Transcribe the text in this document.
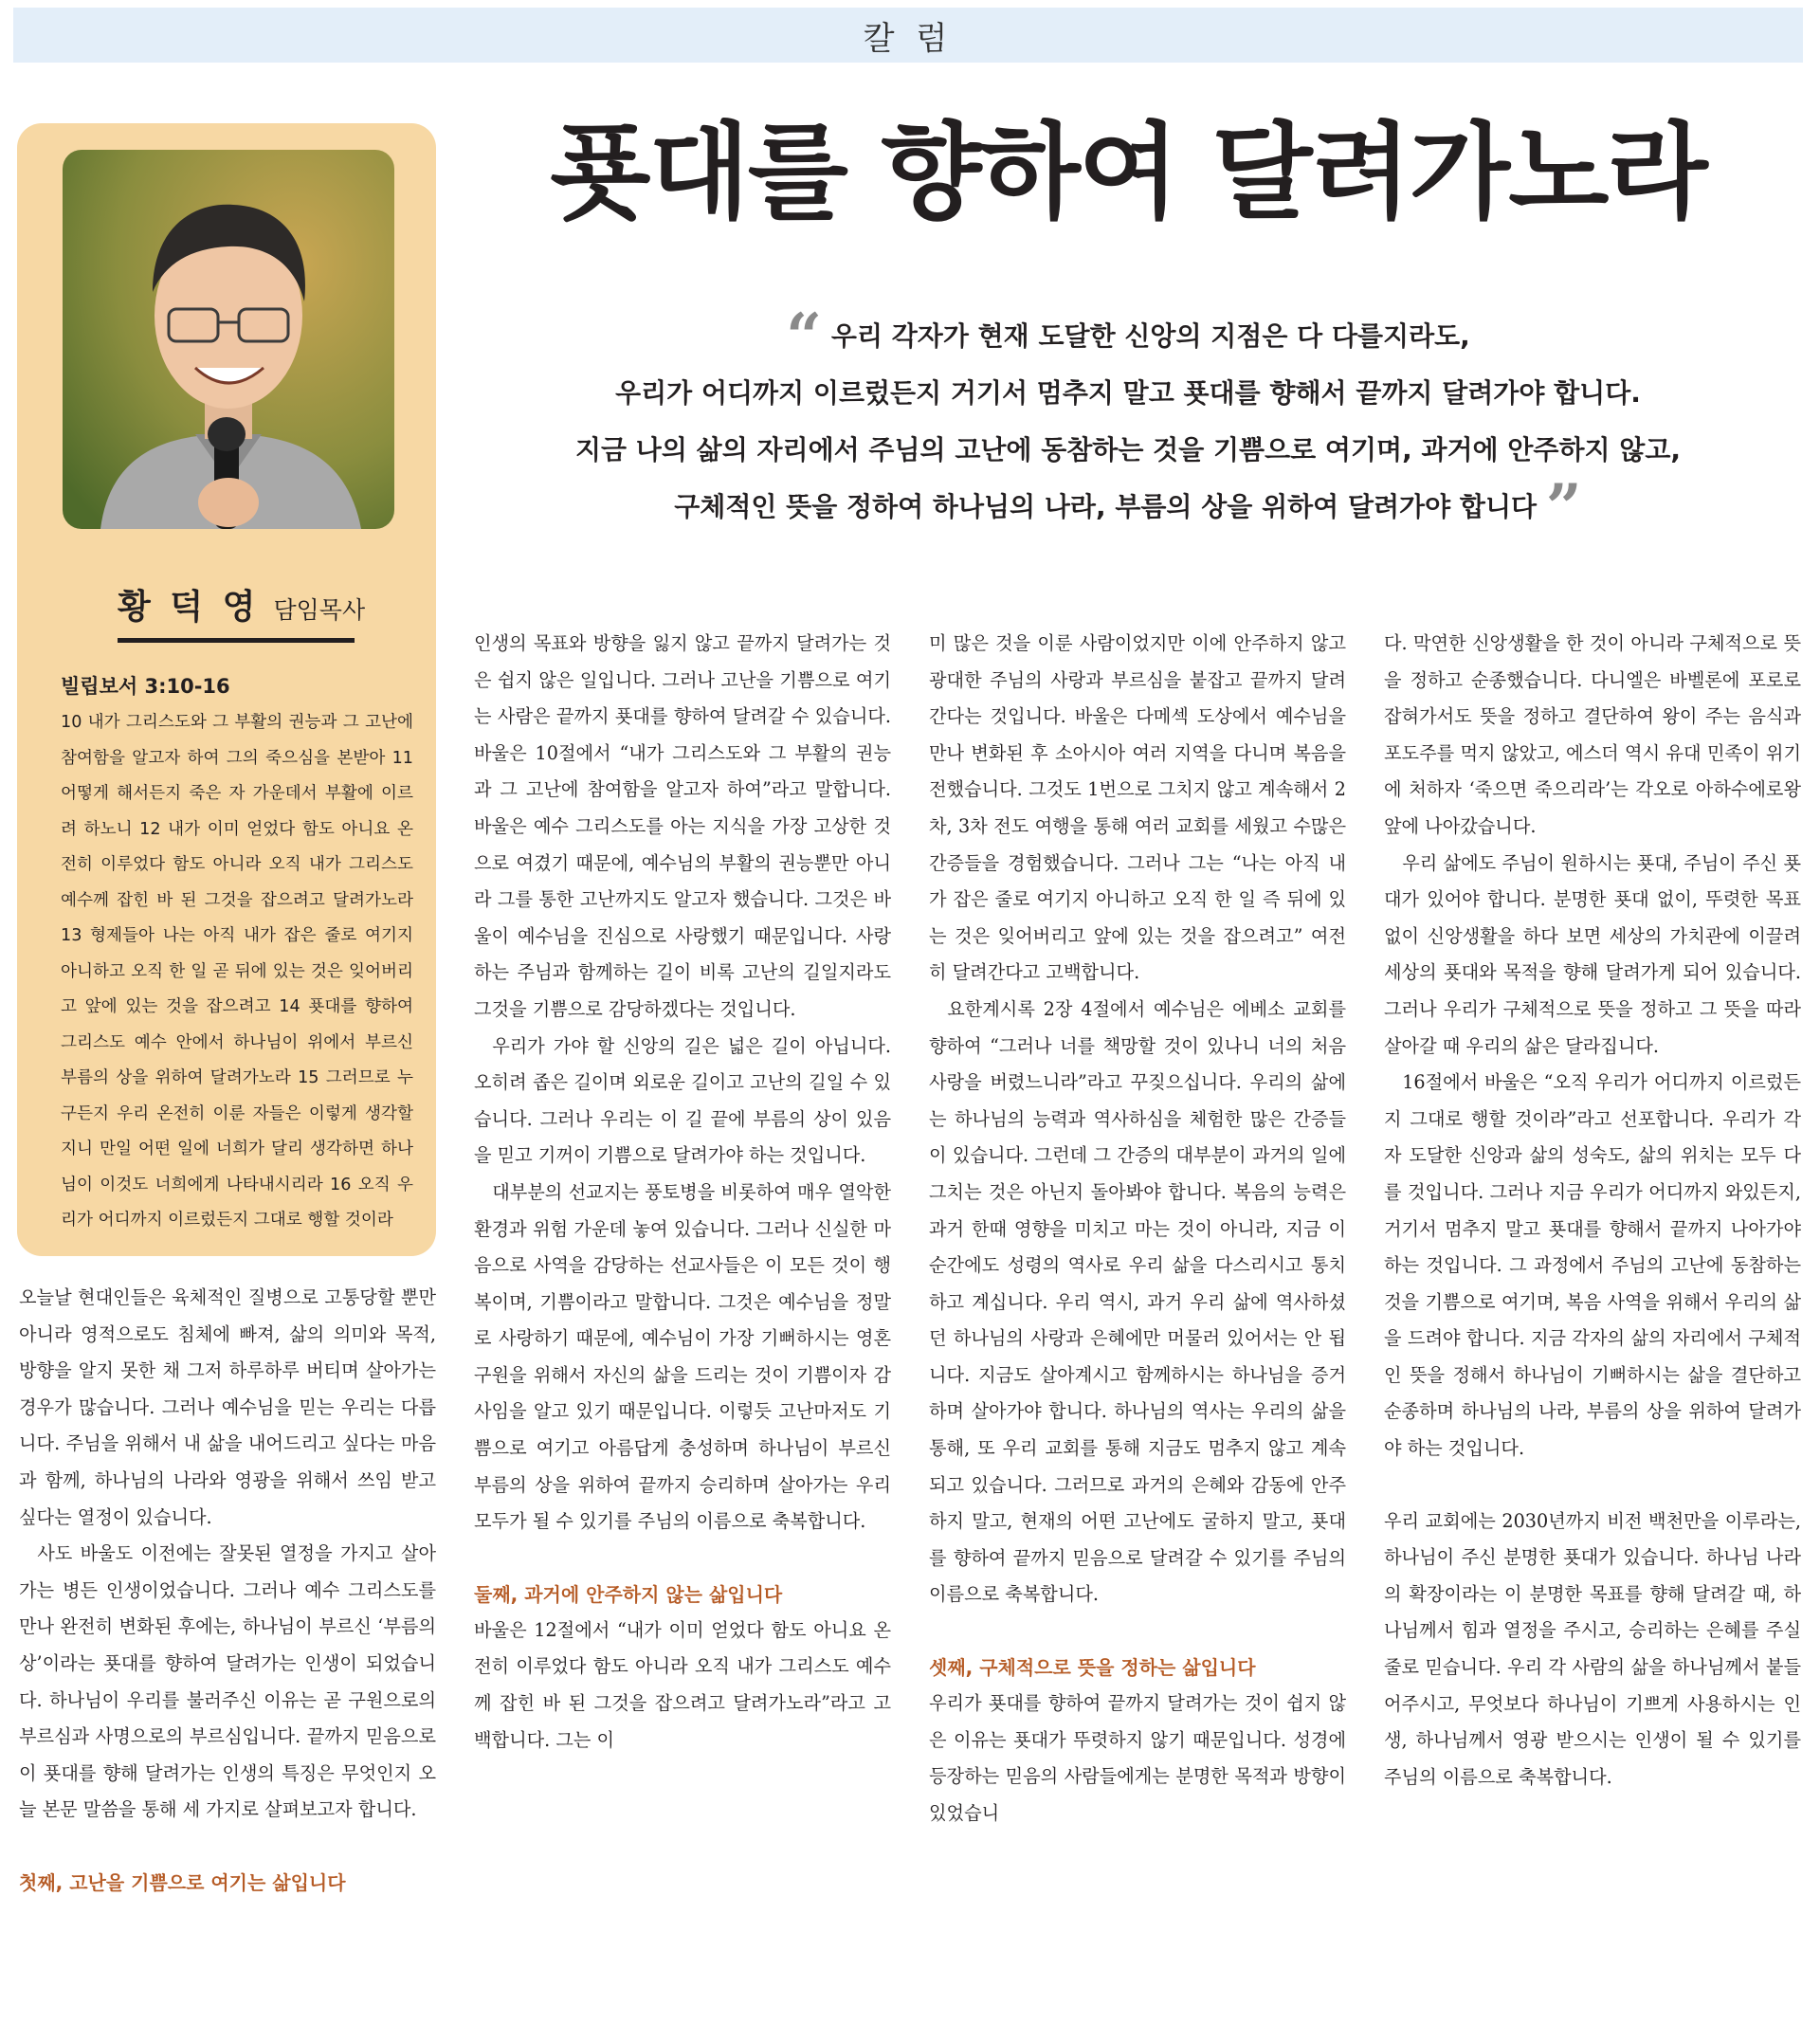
칼 럼
푯대를 향하여 달려가노라
“ 우리 각자가 현재 도달한 신앙의 지점은 다 다를지라도,
우리가 어디까지 이르렀든지 거기서 멈추지 말고 푯대를 향해서 끝까지 달려가야 합니다.
지금 나의 삶의 자리에서 주님의 고난에 동참하는 것을 기쁨으로 여기며, 과거에 안주하지 않고,
구체적인 뜻을 정하여 하나님의 나라, 부름의 상을 위하여 달려가야 합니다 ”
황 덕 영 담임목사
빌립보서 3:10-16
10 내가 그리스도와 그 부활의 권능과 그 고난에 참여함을 알고자 하여 그의 죽으심을 본받아 11 어떻게 해서든지 죽은 자 가운데서 부활에 이르려 하노니 12 내가 이미 얻었다 함도 아니요 온전히 이루었다 함도 아니라 오직 내가 그리스도 예수께 잡힌 바 된 그것을 잡으려고 달려가노라 13 형제들아 나는 아직 내가 잡은 줄로 여기지 아니하고 오직 한 일 곧 뒤에 있는 것은 잊어버리고 앞에 있는 것을 잡으려고 14 푯대를 향하여 그리스도 예수 안에서 하나님이 위에서 부르신 부름의 상을 위하여 달려가노라 15 그러므로 누구든지 우리 온전히 이룬 자들은 이렇게 생각할지니 만일 어떤 일에 너희가 달리 생각하면 하나님이 이것도 너희에게 나타내시리라 16 오직 우리가 어디까지 이르렀든지 그대로 행할 것이라

오늘날 현대인들은 육체적인 질병으로 고통당할 뿐만 아니라 영적으로도 침체에 빠져, 삶의 의미와 목적, 방향을 알지 못한 채 그저 하루하루 버티며 살아가는 경우가 많습니다. 그러나 예수님을 믿는 우리는 다릅니다. 주님을 위해서 내 삶을 내어드리고 싶다는 마음과 함께, 하나님의 나라와 영광을 위해서 쓰임 받고 싶다는 열정이 있습니다.

사도 바울도 이전에는 잘못된 열정을 가지고 살아가는 병든 인생이었습니다. 그러나 예수 그리스도를 만나 완전히 변화된 후에는, 하나님이 부르신 ‘부름의 상’이라는 푯대를 향하여 달려가는 인생이 되었습니다. 하나님이 우리를 불러주신 이유는 곧 구원으로의 부르심과 사명으로의 부르심입니다. 끝까지 믿음으로 이 푯대를 향해 달려가는 인생의 특징은 무엇인지 오늘 본문 말씀을 통해 세 가지로 살펴보고자 합니다.

첫째, 고난을 기쁨으로 여기는 삶입니다

인생의 목표와 방향을 잃지 않고 끝까지 달려가는 것은 쉽지 않은 일입니다. 그러나 고난을 기쁨으로 여기는 사람은 끝까지 푯대를 향하여 달려갈 수 있습니다. 바울은 10절에서 “내가 그리스도와 그 부활의 권능과 그 고난에 참여함을 알고자 하여”라고 말합니다. 바울은 예수 그리스도를 아는 지식을 가장 고상한 것으로 여겼기 때문에, 예수님의 부활의 권능뿐만 아니라 그를 통한 고난까지도 알고자 했습니다. 그것은 바울이 예수님을 진심으로 사랑했기 때문입니다. 사랑하는 주님과 함께하는 길이 비록 고난의 길일지라도 그것을 기쁨으로 감당하겠다는 것입니다.

우리가 가야 할 신앙의 길은 넓은 길이 아닙니다. 오히려 좁은 길이며 외로운 길이고 고난의 길일 수 있습니다. 그러나 우리는 이 길 끝에 부름의 상이 있음을 믿고 기꺼이 기쁨으로 달려가야 하는 것입니다.

대부분의 선교지는 풍토병을 비롯하여 매우 열악한 환경과 위험 가운데 놓여 있습니다. 그러나 신실한 마음으로 사역을 감당하는 선교사들은 이 모든 것이 행복이며, 기쁨이라고 말합니다. 그것은 예수님을 정말로 사랑하기 때문에, 예수님이 가장 기뻐하시는 영혼 구원을 위해서 자신의 삶을 드리는 것이 기쁨이자 감사임을 알고 있기 때문입니다. 이렇듯 고난마저도 기쁨으로 여기고 아름답게 충성하며 하나님이 부르신 부름의 상을 위하여 끝까지 승리하며 살아가는 우리 모두가 될 수 있기를 주님의 이름으로 축복합니다.

둘째, 과거에 안주하지 않는 삶입니다

바울은 12절에서 “내가 이미 얻었다 함도 아니요 온전히 이루었다 함도 아니라 오직 내가 그리스도 예수께 잡힌 바 된 그것을 잡으려고 달려가노라”라고 고백합니다. 그는 이

미 많은 것을 이룬 사람이었지만 이에 안주하지 않고 광대한 주님의 사랑과 부르심을 붙잡고 끝까지 달려간다는 것입니다. 바울은 다메섹 도상에서 예수님을 만나 변화된 후 소아시아 여러 지역을 다니며 복음을 전했습니다. 그것도 1번으로 그치지 않고 계속해서 2차, 3차 전도 여행을 통해 여러 교회를 세웠고 수많은 간증들을 경험했습니다. 그러나 그는 “나는 아직 내가 잡은 줄로 여기지 아니하고 오직 한 일 즉 뒤에 있는 것은 잊어버리고 앞에 있는 것을 잡으려고” 여전히 달려간다고 고백합니다.

요한계시록 2장 4절에서 예수님은 에베소 교회를 향하여 “그러나 너를 책망할 것이 있나니 너의 처음 사랑을 버렸느니라”라고 꾸짖으십니다. 우리의 삶에는 하나님의 능력과 역사하심을 체험한 많은 간증들이 있습니다. 그런데 그 간증의 대부분이 과거의 일에 그치는 것은 아닌지 돌아봐야 합니다. 복음의 능력은 과거 한때 영향을 미치고 마는 것이 아니라, 지금 이 순간에도 성령의 역사로 우리 삶을 다스리시고 통치하고 계십니다. 우리 역시, 과거 우리 삶에 역사하셨던 하나님의 사랑과 은혜에만 머물러 있어서는 안 됩니다. 지금도 살아계시고 함께하시는 하나님을 증거하며 살아가야 합니다. 하나님의 역사는 우리의 삶을 통해, 또 우리 교회를 통해 지금도 멈추지 않고 계속되고 있습니다. 그러므로 과거의 은혜와 감동에 안주하지 말고, 현재의 어떤 고난에도 굴하지 말고, 푯대를 향하여 끝까지 믿음으로 달려갈 수 있기를 주님의 이름으로 축복합니다.

셋째, 구체적으로 뜻을 정하는 삶입니다

우리가 푯대를 향하여 끝까지 달려가는 것이 쉽지 않은 이유는 푯대가 뚜렷하지 않기 때문입니다. 성경에 등장하는 믿음의 사람들에게는 분명한 목적과 방향이 있었습니

다. 막연한 신앙생활을 한 것이 아니라 구체적으로 뜻을 정하고 순종했습니다. 다니엘은 바벨론에 포로로 잡혀가서도 뜻을 정하고 결단하여 왕이 주는 음식과 포도주를 먹지 않았고, 에스더 역시 유대 민족이 위기에 처하자 ‘죽으면 죽으리라’는 각오로 아하수에로왕 앞에 나아갔습니다.

우리 삶에도 주님이 원하시는 푯대, 주님이 주신 푯대가 있어야 합니다. 분명한 푯대 없이, 뚜렷한 목표 없이 신앙생활을 하다 보면 세상의 가치관에 이끌려 세상의 푯대와 목적을 향해 달려가게 되어 있습니다. 그러나 우리가 구체적으로 뜻을 정하고 그 뜻을 따라 살아갈 때 우리의 삶은 달라집니다.

16절에서 바울은 “오직 우리가 어디까지 이르렀든지 그대로 행할 것이라”라고 선포합니다. 우리가 각자 도달한 신앙과 삶의 성숙도, 삶의 위치는 모두 다를 것입니다. 그러나 지금 우리가 어디까지 와있든지, 거기서 멈추지 말고 푯대를 향해서 끝까지 나아가야 하는 것입니다. 그 과정에서 주님의 고난에 동참하는 것을 기쁨으로 여기며, 복음 사역을 위해서 우리의 삶을 드려야 합니다. 지금 각자의 삶의 자리에서 구체적인 뜻을 정해서 하나님이 기뻐하시는 삶을 결단하고 순종하며 하나님의 나라, 부름의 상을 위하여 달려가야 하는 것입니다.

우리 교회에는 2030년까지 비전 백천만을 이루라는, 하나님이 주신 분명한 푯대가 있습니다. 하나님 나라의 확장이라는 이 분명한 목표를 향해 달려갈 때, 하나님께서 힘과 열정을 주시고, 승리하는 은혜를 주실 줄로 믿습니다. 우리 각 사람의 삶을 하나님께서 붙들어주시고, 무엇보다 하나님이 기쁘게 사용하시는 인생, 하나님께서 영광 받으시는 인생이 될 수 있기를 주님의 이름으로 축복합니다.
